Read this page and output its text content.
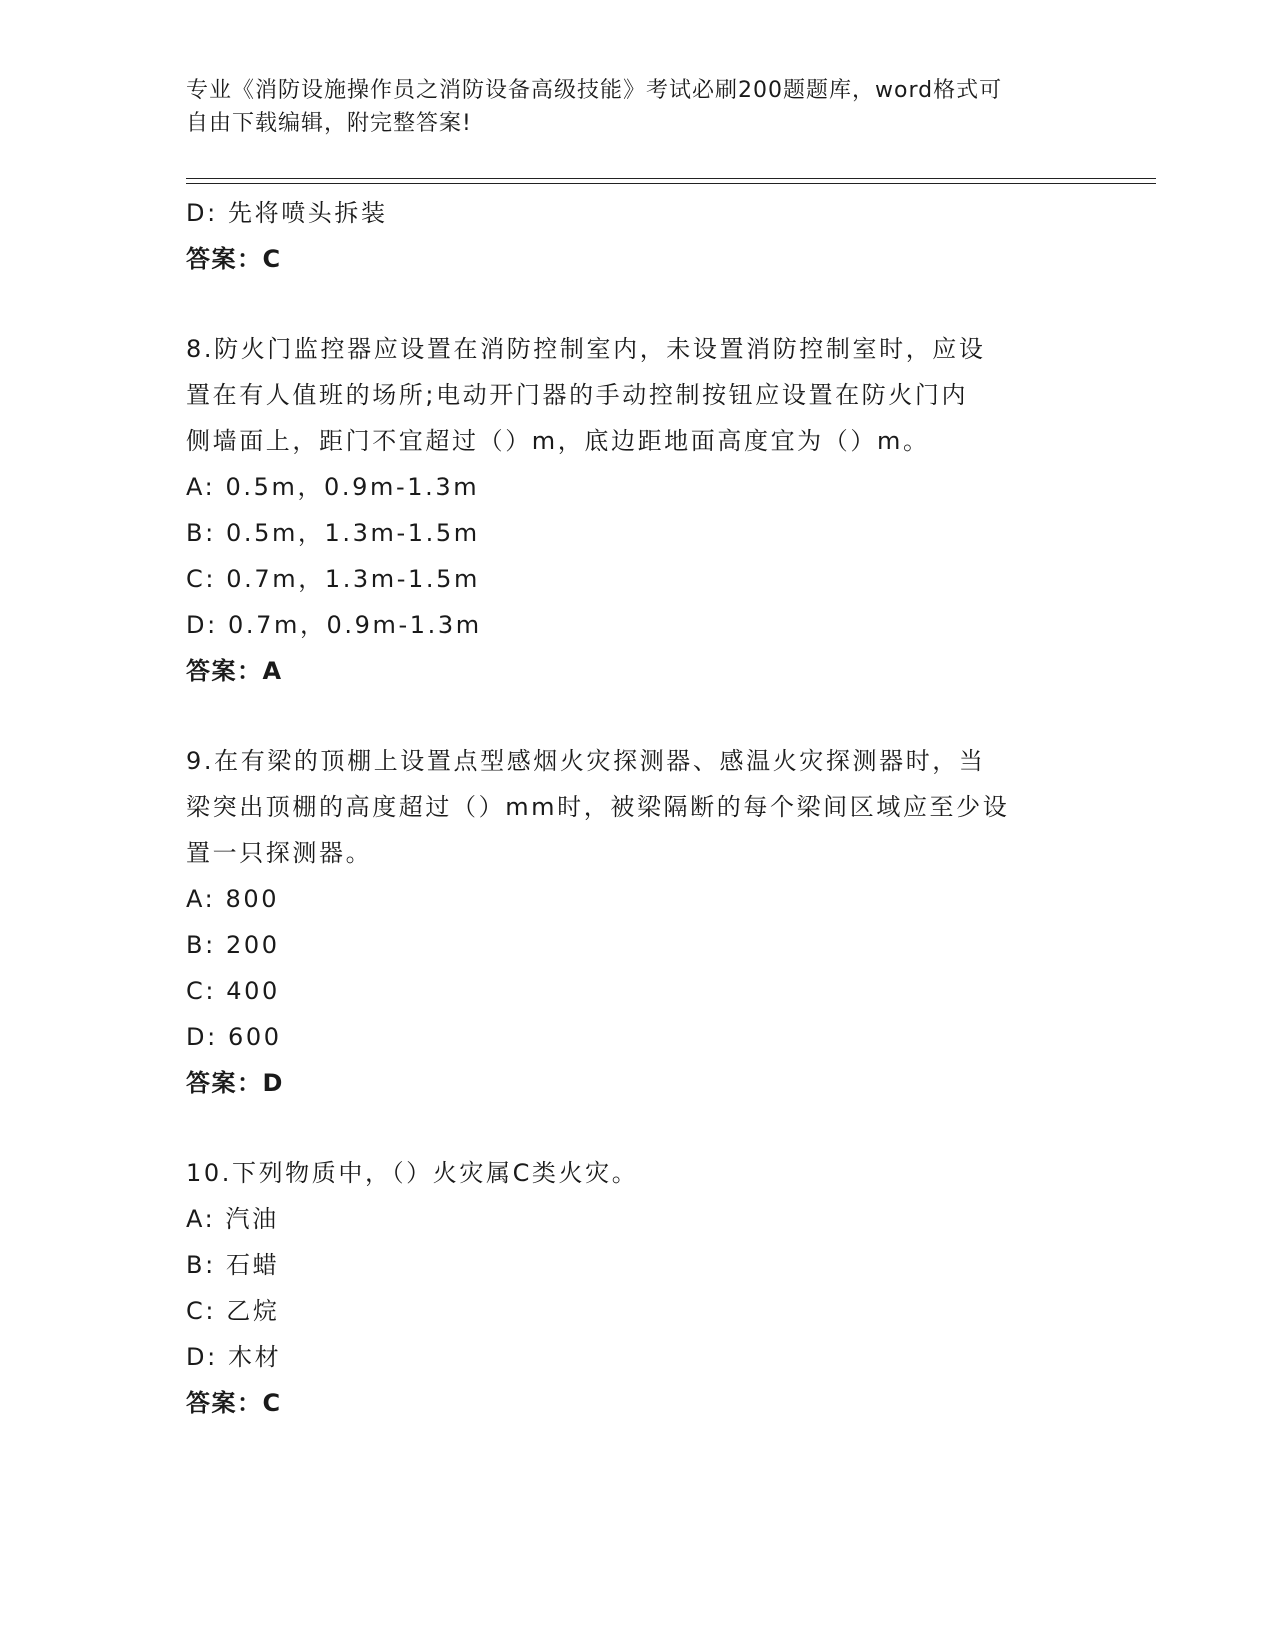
专业《消防设施操作员之消防设备高级技能》考试必刷200题题库，word格式可
自由下载编辑，附完整答案!
D: 先将喷头拆装
答案：C
8.防火门监控器应设置在消防控制室内，未设置消防控制室时，应设
置在有人值班的场所;电动开门器的手动控制按钮应设置在防火门内
侧墙面上，距门不宜超过（）m，底边距地面高度宜为（）m。
A: 0.5m，0.9m-1.3m
B: 0.5m，1.3m-1.5m
C: 0.7m，1.3m-1.5m
D: 0.7m，0.9m-1.3m
答案：A
9.在有梁的顶棚上设置点型感烟火灾探测器、感温火灾探测器时，当
梁突出顶棚的高度超过（）mm时，被梁隔断的每个梁间区域应至少设
置一只探测器。
A: 800
B: 200
C: 400
D: 600
答案：D
10.下列物质中，（）火灾属C类火灾。
A: 汽油
B: 石蜡
C: 乙烷
D: 木材
答案：C
